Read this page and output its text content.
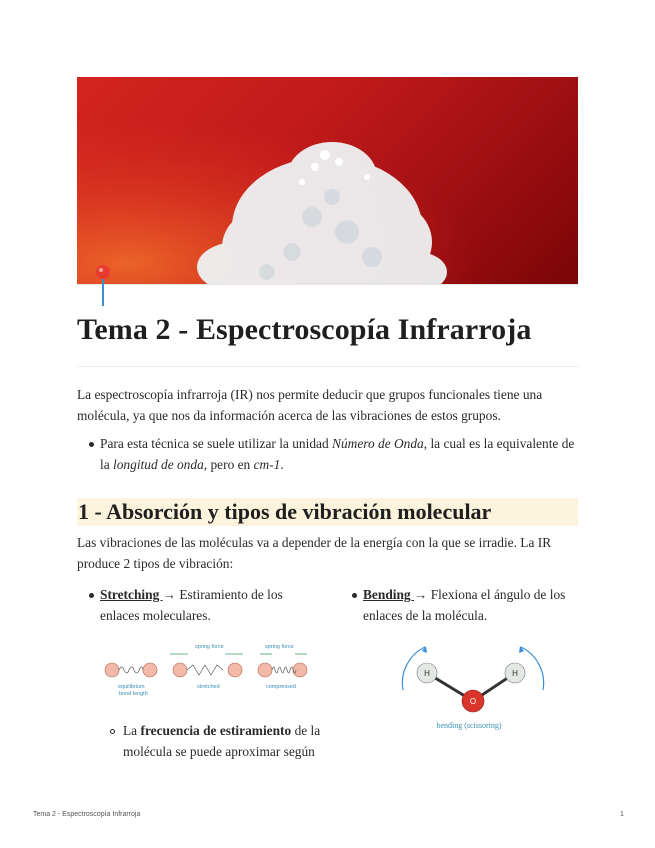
Tema 2 - Espectroscopía Infrarroja

La espectroscopía infrarroja (IR) nos permite deducir que grupos funcionales tiene una molécula, ya que nos da información acerca de las vibraciones de estos grupos.

Para esta técnica se suele utilizar la unidad Número de Onda, la cual es la equivalente de la longitud de onda, pero en cm-1.

1 - Absorción y tipos de vibración molecular

Las vibraciones de las moléculas va a depender de la energía con la que se irradie. La IR produce 2 tipos de vibración:

Stretching → Estiramiento de los enlaces moleculares.

Bending → Flexiona el ángulo de los enlaces de la molécula.

spring force	spring force
equilibrium	stretched	compressed
bond length
H	H
O
bending (scissoring)

La frecuencia de estiramiento de la molécula se puede aproximar según

Tema 2 - Espectroscopía Infrarroja	1
